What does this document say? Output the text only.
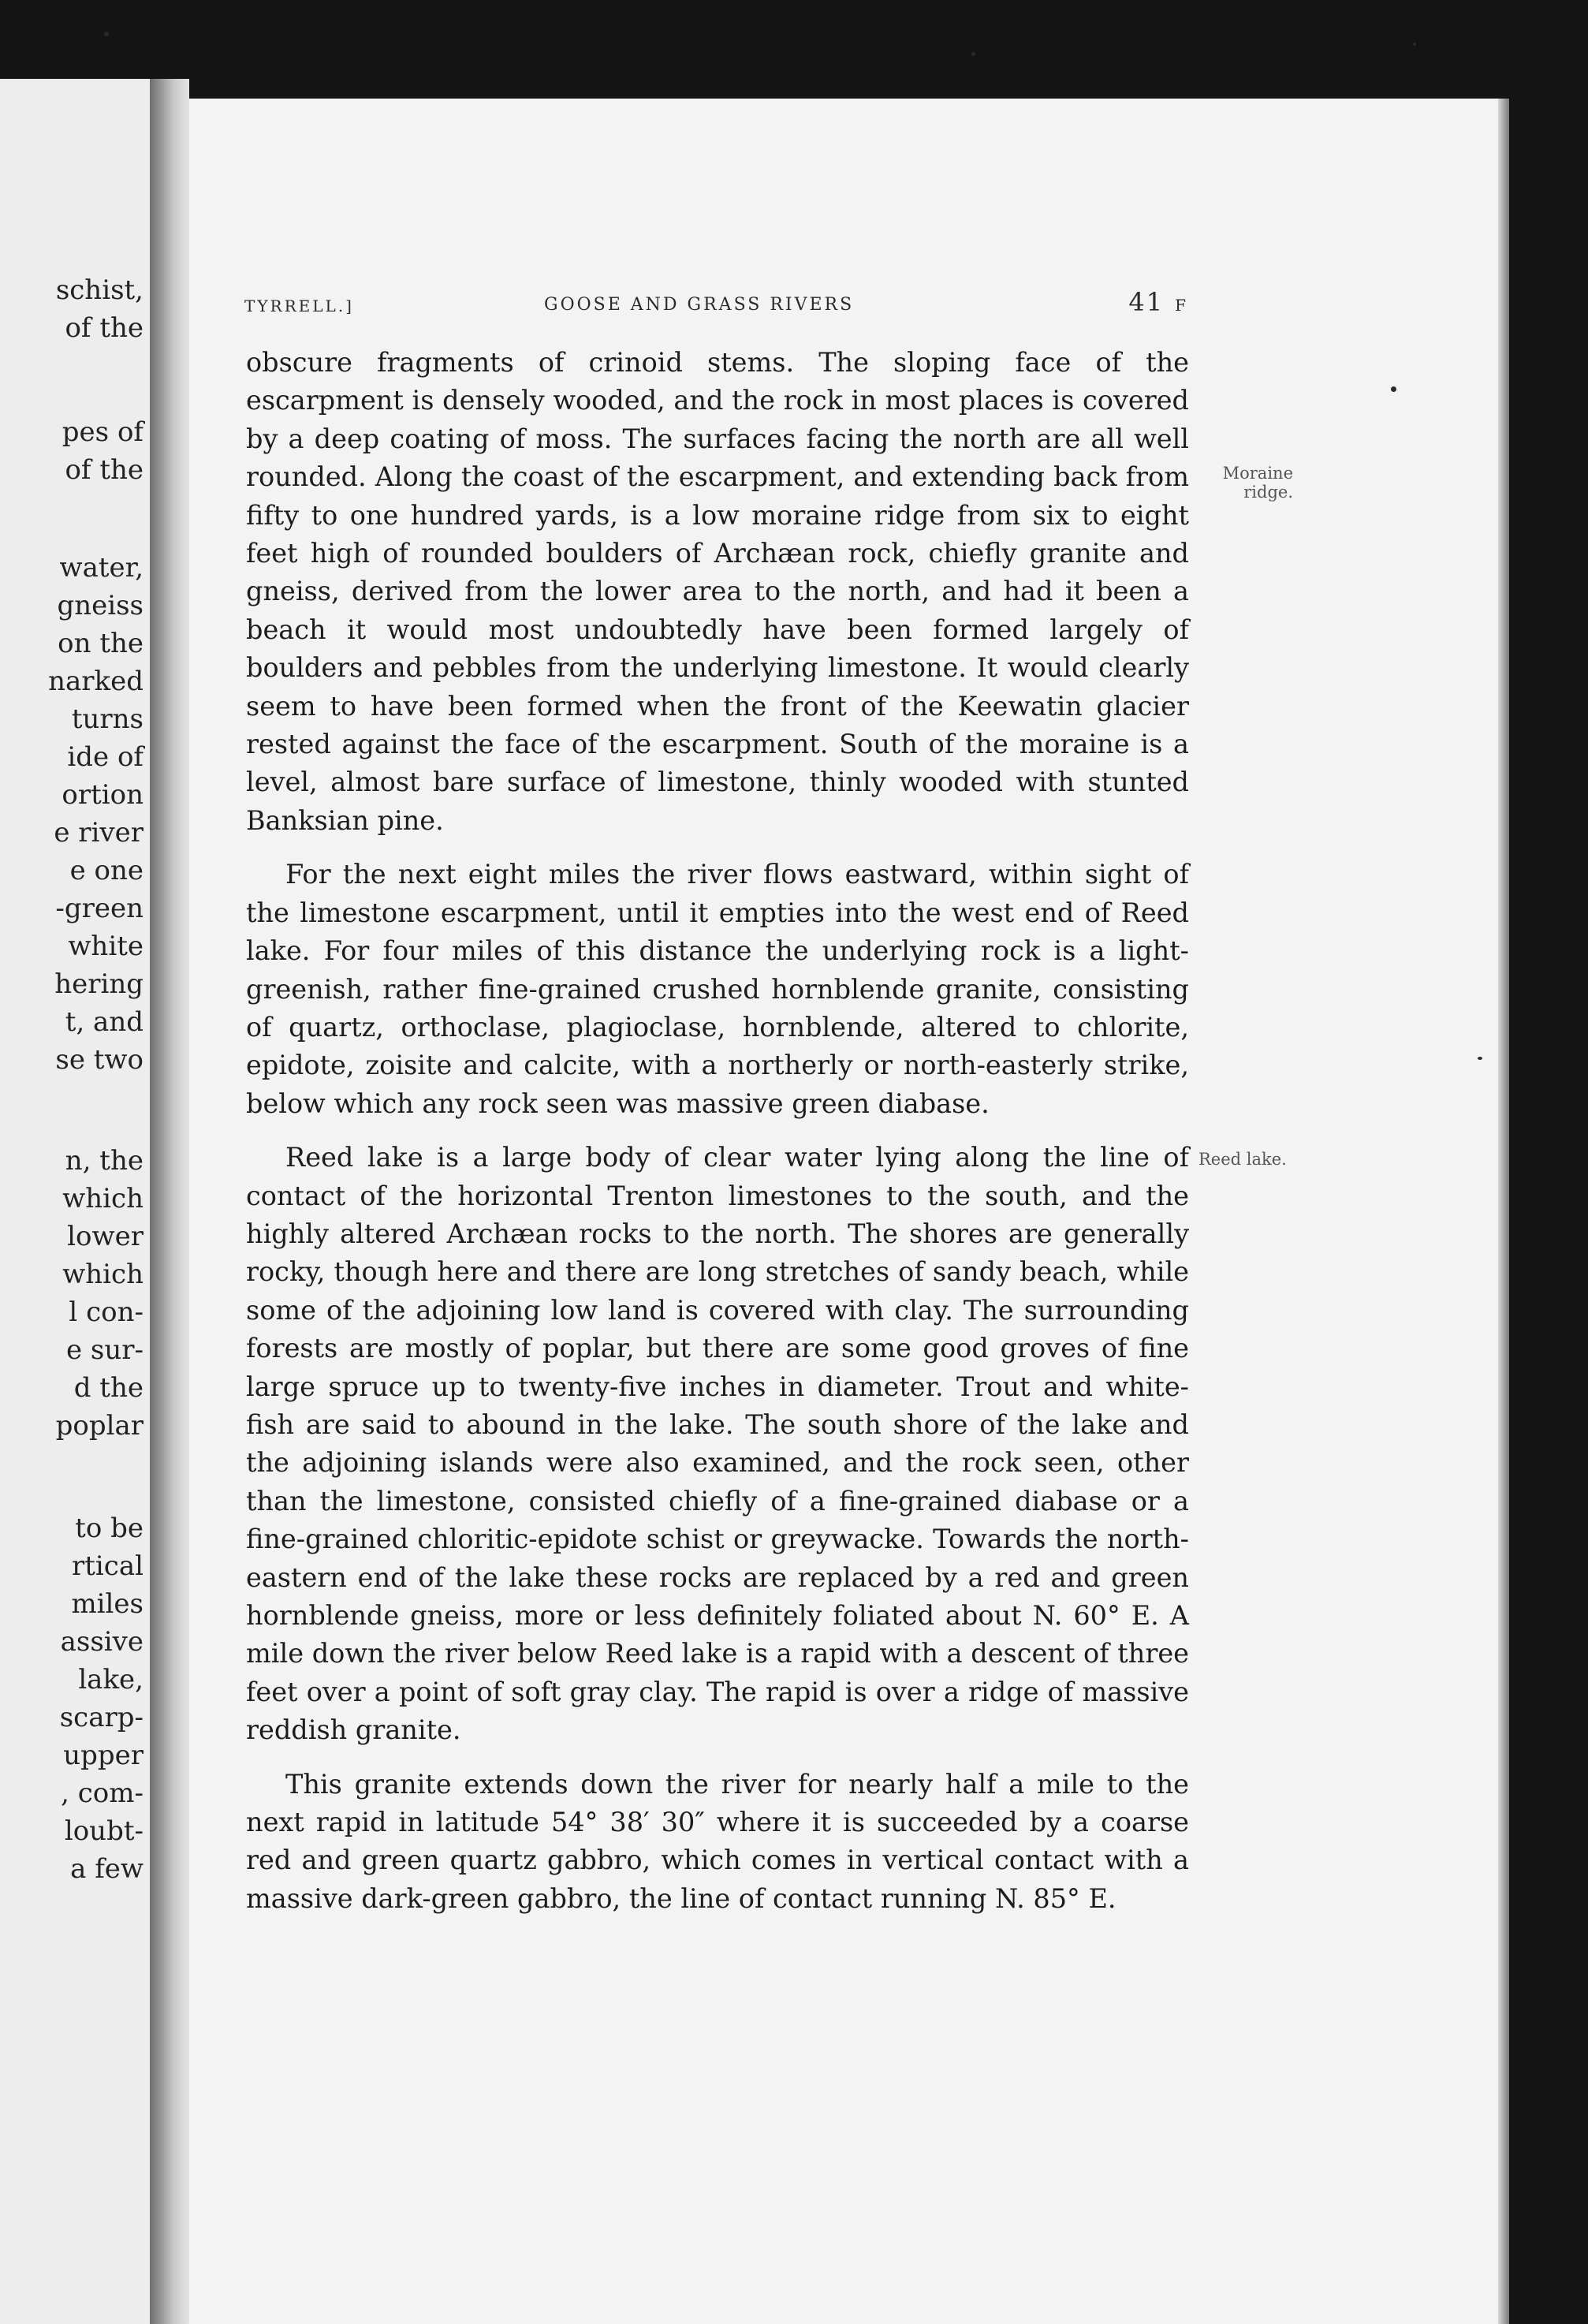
schist,
of the
pes of
of the
water,
gneiss
on the
narked
turns
ide of
ortion
e river
e one
-green
white
hering
t, and
se two
n, the
which
lower
which
l con-
e sur-
d the
poplar
to be
rtical
miles
assive
lake,
scarp-
upper
, com-
loubt-
a few
TYRRELL.]	GOOSE AND GRASS RIVERS	41 F
Moraine ridge.
Reed lake.

obscure fragments of crinoid stems. The sloping face of the escarpment is densely wooded, and the rock in most places is covered by a deep coating of moss. The surfaces facing the north are all well rounded. Along the coast of the escarpment, and extending back from fifty to one hundred yards, is a low moraine ridge from six to eight feet high of rounded boulders of Archæan rock, chiefly granite and gneiss, derived from the lower area to the north, and had it been a beach it would most undoubtedly have been formed largely of boulders and pebbles from the underlying limestone. It would clearly seem to have been formed when the front of the Keewatin glacier rested against the face of the escarpment. South of the moraine is a level, almost bare surface of limestone, thinly wooded with stunted Banksian pine.

For the next eight miles the river flows eastward, within sight of the limestone escarpment, until it empties into the west end of Reed lake. For four miles of this distance the underlying rock is a light-greenish, rather fine-grained crushed hornblende granite, consisting of quartz, orthoclase, plagioclase, hornblende, altered to chlorite, epidote, zoisite and calcite, with a northerly or north-easterly strike, below which any rock seen was massive green diabase.

Reed lake is a large body of clear water lying along the line of contact of the horizontal Trenton limestones to the south, and the highly altered Archæan rocks to the north. The shores are generally rocky, though here and there are long stretches of sandy beach, while some of the adjoining low land is covered with clay. The surrounding forests are mostly of poplar, but there are some good groves of fine large spruce up to twenty-five inches in diameter. Trout and white-fish are said to abound in the lake. The south shore of the lake and the adjoining islands were also examined, and the rock seen, other than the limestone, consisted chiefly of a fine-grained diabase or a fine-grained chloritic-epidote schist or greywacke. Towards the north-eastern end of the lake these rocks are replaced by a red and green hornblende gneiss, more or less definitely foliated about N. 60° E. A mile down the river below Reed lake is a rapid with a descent of three feet over a point of soft gray clay. The rapid is over a ridge of massive reddish granite.

This granite extends down the river for nearly half a mile to the next rapid in latitude 54° 38′ 30″ where it is succeeded by a coarse red and green quartz gabbro, which comes in vertical contact with a massive dark-green gabbro, the line of contact running N. 85° E.
